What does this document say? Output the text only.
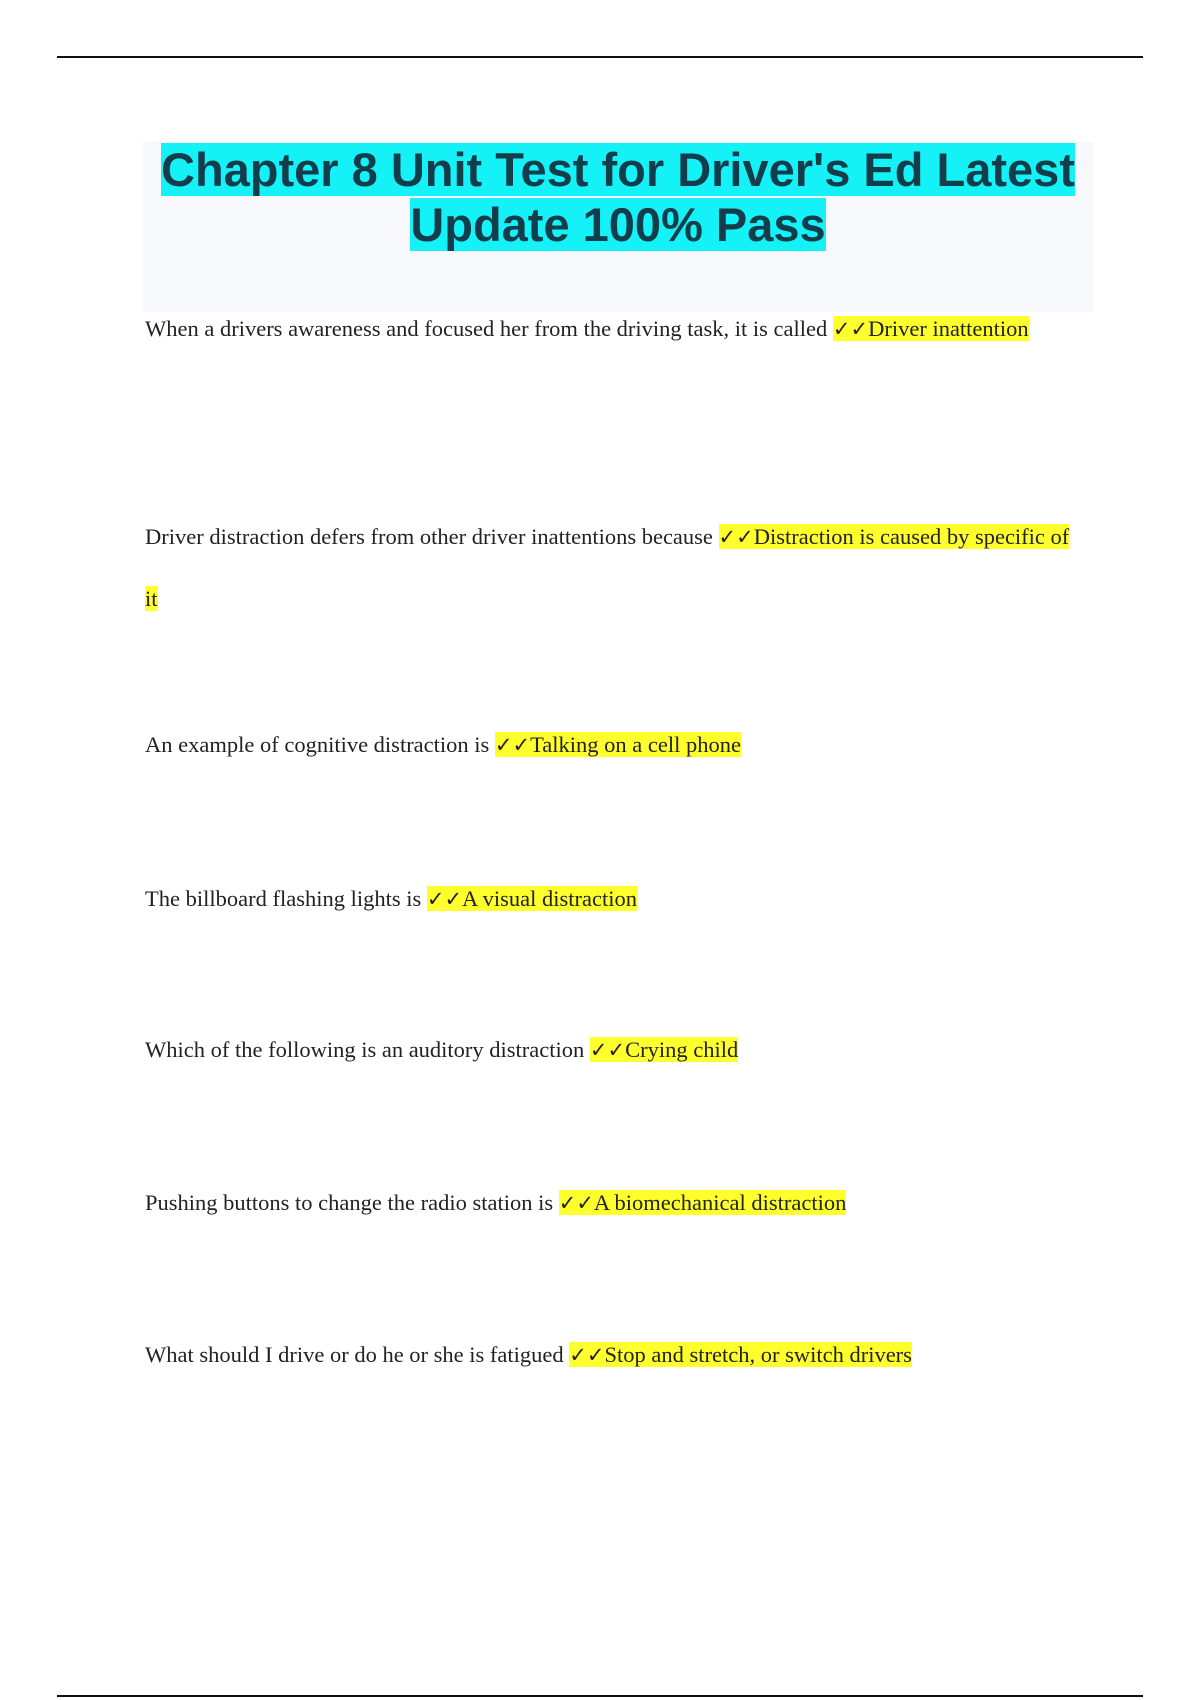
Chapter 8 Unit Test for Driver's Ed Latest Update 100% Pass

When a drivers awareness and focused her from the driving task, it is called ✓✓Driver inattention

Driver distraction defers from other driver inattentions because ✓✓Distraction is caused by specific of it

An example of cognitive distraction is ✓✓Talking on a cell phone

The billboard flashing lights is ✓✓A visual distraction

Which of the following is an auditory distraction ✓✓Crying child

Pushing buttons to change the radio station is ✓✓A biomechanical distraction

What should I drive or do he or she is fatigued ✓✓Stop and stretch, or switch drivers
